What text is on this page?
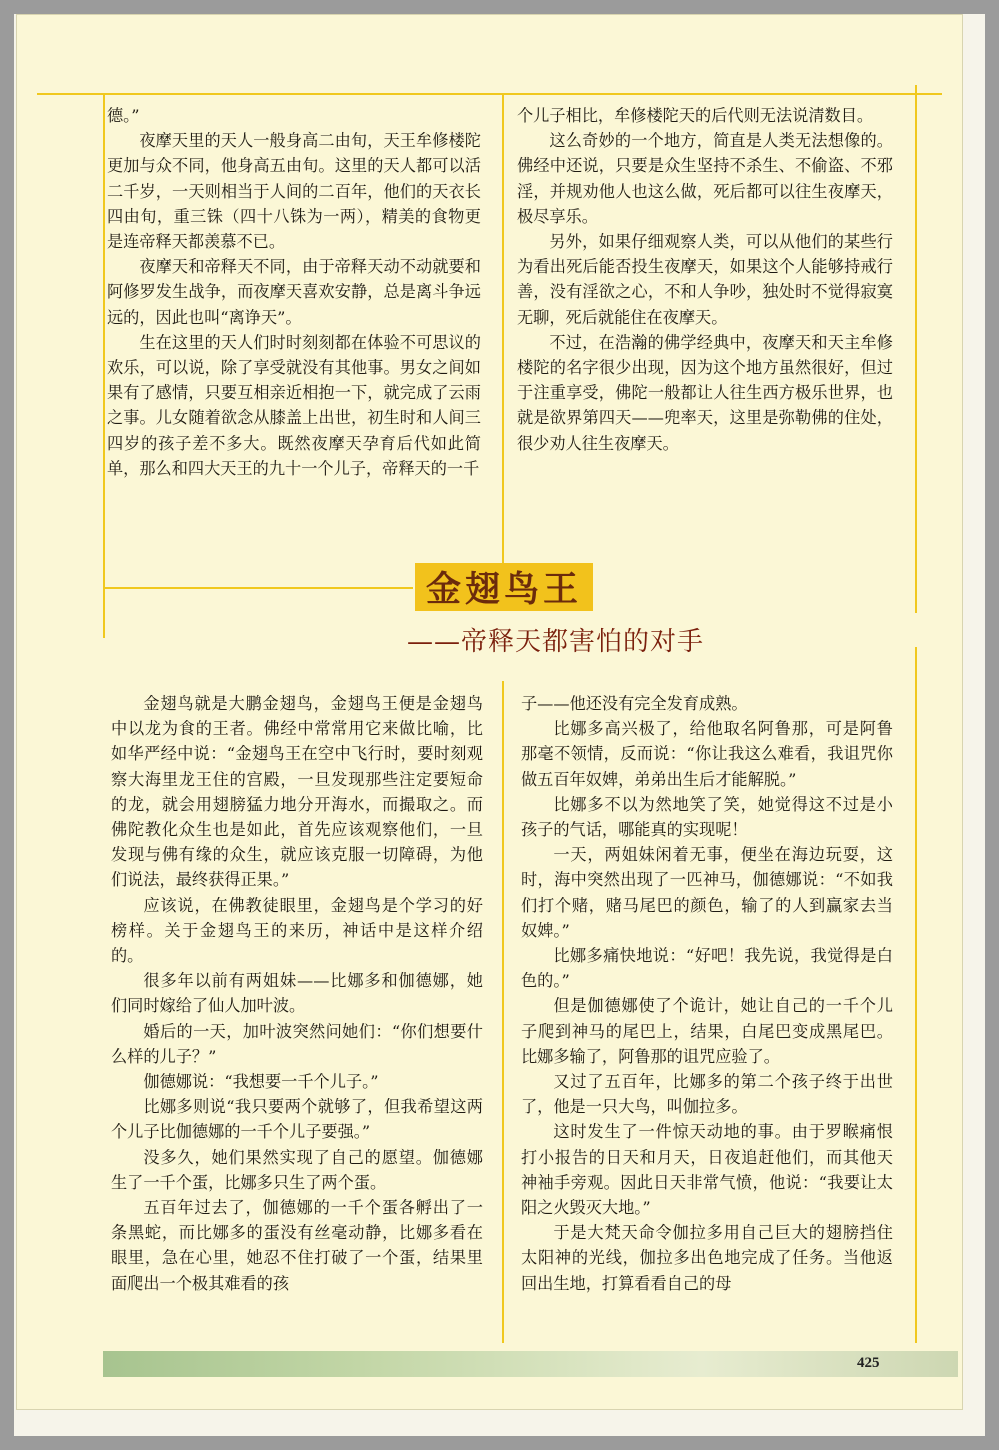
德。”

夜摩天里的天人一般身高二由旬，天王牟修楼陀更加与众不同，他身高五由旬。这里的天人都可以活二千岁，一天则相当于人间的二百年，他们的天衣长四由旬，重三铢（四十八铢为一两），精美的食物更是连帝释天都羡慕不已。

夜摩天和帝释天不同，由于帝释天动不动就要和阿修罗发生战争，而夜摩天喜欢安静，总是离斗争远远的，因此也叫“离诤天”。

生在这里的天人们时时刻刻都在体验不可思议的欢乐，可以说，除了享受就没有其他事。男女之间如果有了感情，只要互相亲近相抱一下，就完成了云雨之事。儿女随着欲念从膝盖上出世，初生时和人间三四岁的孩子差不多大。既然夜摩天孕育后代如此简单，那么和四大天王的九十一个儿子，帝释天的一千

个儿子相比，牟修楼陀天的后代则无法说清数目。

这么奇妙的一个地方，简直是人类无法想像的。佛经中还说，只要是众生坚持不杀生、不偷盗、不邪淫，并规劝他人也这么做，死后都可以往生夜摩天，极尽享乐。

另外，如果仔细观察人类，可以从他们的某些行为看出死后能否投生夜摩天，如果这个人能够持戒行善，没有淫欲之心，不和人争吵，独处时不觉得寂寞无聊，死后就能住在夜摩天。

不过，在浩瀚的佛学经典中，夜摩天和天主牟修楼陀的名字很少出现，因为这个地方虽然很好，但过于注重享受，佛陀一般都让人往生西方极乐世界，也就是欲界第四天——兜率天，这里是弥勒佛的住处，很少劝人往生夜摩天。

金翅鸟王
——帝释天都害怕的对手

金翅鸟就是大鹏金翅鸟，金翅鸟王便是金翅鸟中以龙为食的王者。佛经中常常用它来做比喻，比如华严经中说：“金翅鸟王在空中飞行时，要时刻观察大海里龙王住的宫殿，一旦发现那些注定要短命的龙，就会用翅膀猛力地分开海水，而撮取之。而佛陀教化众生也是如此，首先应该观察他们，一旦发现与佛有缘的众生，就应该克服一切障碍，为他们说法，最终获得正果。”

应该说，在佛教徒眼里，金翅鸟是个学习的好榜样。关于金翅鸟王的来历，神话中是这样介绍的。

很多年以前有两姐妹——比娜多和伽德娜，她们同时嫁给了仙人加叶波。

婚后的一天，加叶波突然问她们：“你们想要什么样的儿子？”

伽德娜说：“我想要一千个儿子。”

比娜多则说“我只要两个就够了，但我希望这两个儿子比伽德娜的一千个儿子要强。”

没多久，她们果然实现了自己的愿望。伽德娜生了一千个蛋，比娜多只生了两个蛋。

五百年过去了，伽德娜的一千个蛋各孵出了一条黑蛇，而比娜多的蛋没有丝毫动静，比娜多看在眼里，急在心里，她忍不住打破了一个蛋，结果里面爬出一个极其难看的孩

子——他还没有完全发育成熟。

比娜多高兴极了，给他取名阿鲁那，可是阿鲁那毫不领情，反而说：“你让我这么难看，我诅咒你做五百年奴婢，弟弟出生后才能解脱。”

比娜多不以为然地笑了笑，她觉得这不过是小孩子的气话，哪能真的实现呢！

一天，两姐妹闲着无事，便坐在海边玩耍，这时，海中突然出现了一匹神马，伽德娜说：“不如我们打个赌，赌马尾巴的颜色，输了的人到赢家去当奴婢。”

比娜多痛快地说：“好吧！我先说，我觉得是白色的。”

但是伽德娜使了个诡计，她让自己的一千个儿子爬到神马的尾巴上，结果，白尾巴变成黑尾巴。比娜多输了，阿鲁那的诅咒应验了。

又过了五百年，比娜多的第二个孩子终于出世了，他是一只大鸟，叫伽拉多。

这时发生了一件惊天动地的事。由于罗睺痛恨打小报告的日天和月天，日夜追赶他们，而其他天神袖手旁观。因此日天非常气愤，他说：“我要让太阳之火毁灭大地。”

于是大梵天命令伽拉多用自己巨大的翅膀挡住太阳神的光线，伽拉多出色地完成了任务。当他返回出生地，打算看看自己的母

425
